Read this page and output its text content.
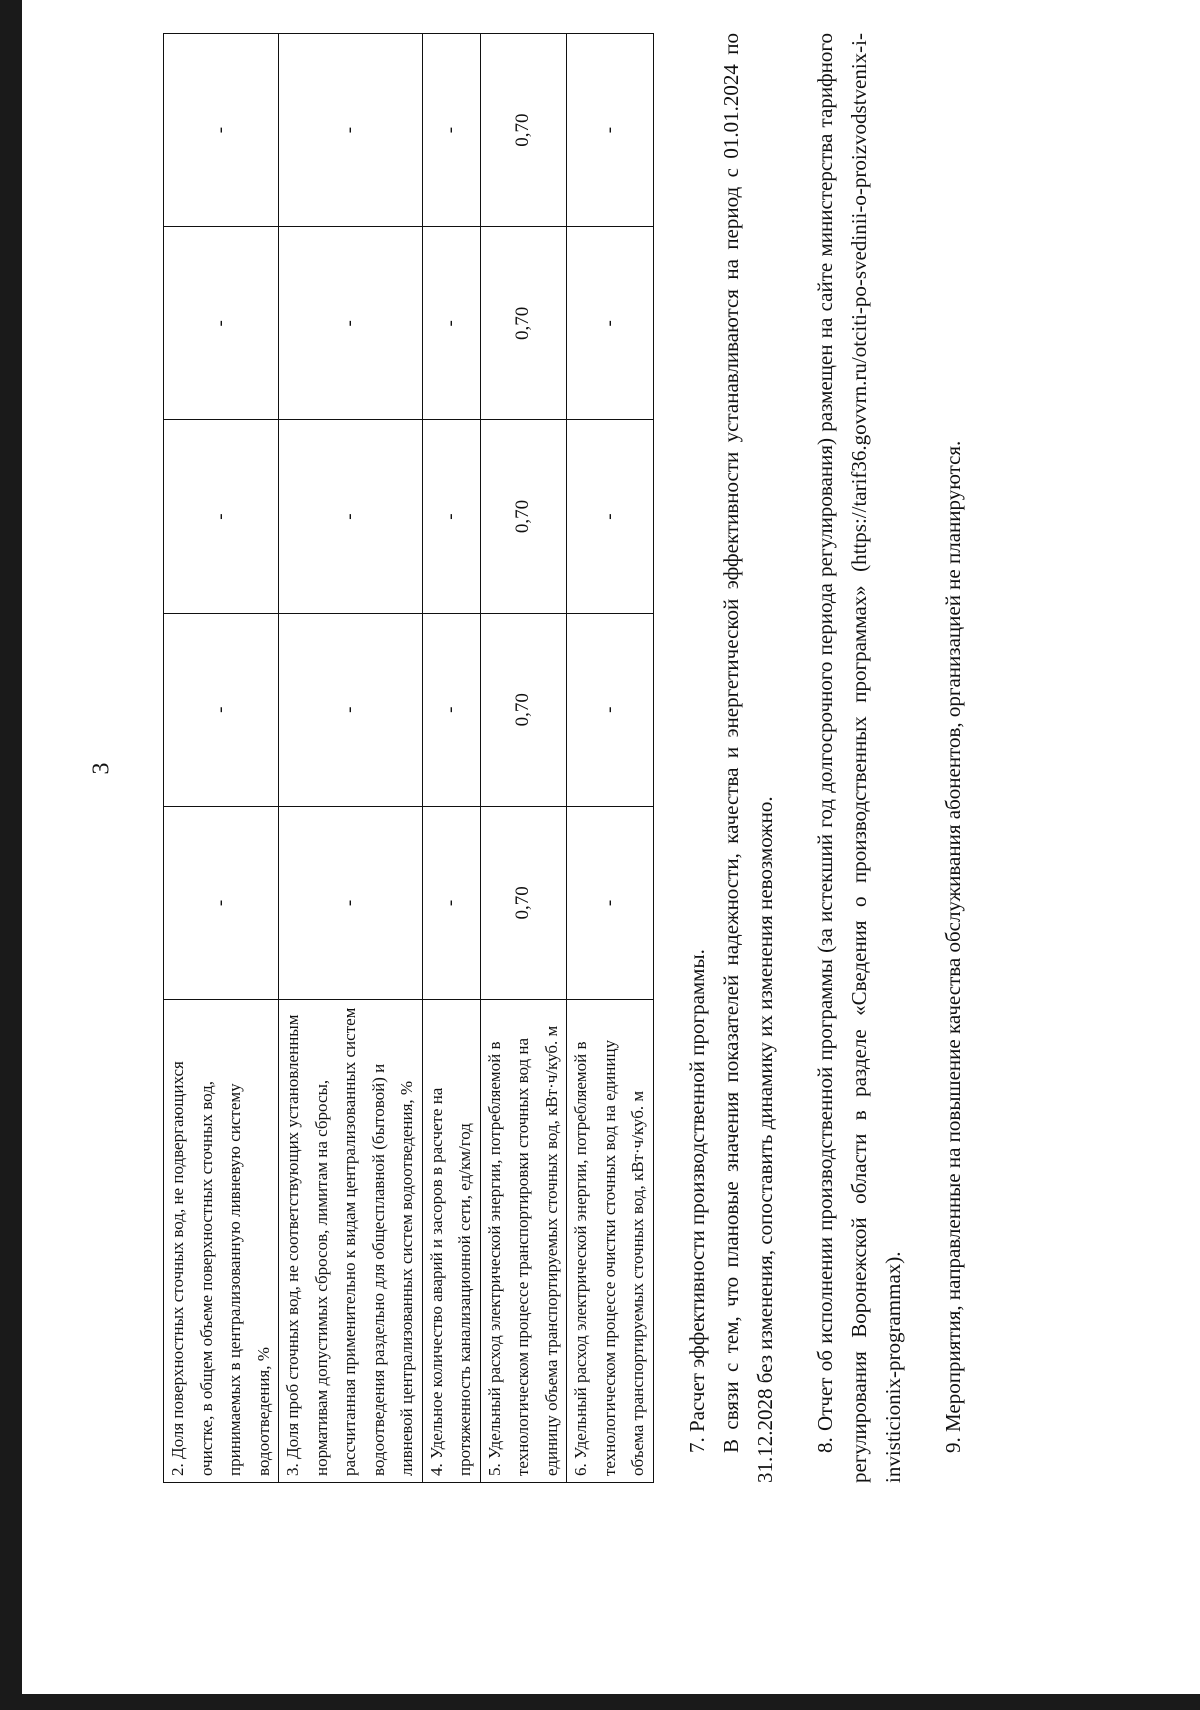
3
2. Доля поверхностных сточных вод, не подвергающихся очистке, в общем объеме поверхностных сточных вод, принимаемых в централизованную ливневую систему водоотведения, %	-	-	-	-	-
3. Доля проб сточных вод, не соответствующих установленным нормативам допустимых сбросов, лимитам на сбросы, рассчитанная применительно к видам централизованных систем водоотведения раздельно для общесплавной (бытовой) и ливневой централизованных систем водоотведения, %	-	-	-	-	-
4. Удельное количество аварий и засоров в расчете на протяженность канализационной сети, ед/км/год	-	-	-	-	-
5. Удельный расход электрической энергии, потребляемой в технологическом процессе транспортировки сточных вод на единицу объема транспортируемых сточных вод, кВт·ч/куб. м	0,70	0,70	0,70	0,70	0,70
6. Удельный расход электрической энергии, потребляемой в технологическом процессе очистки сточных вод на единицу объема транспортируемых сточных вод, кВт·ч/куб. м	-	-	-	-	-

7. Расчет эффективности производственной программы. В связи с тем, что плановые значения показателей надежности, качества и энергетической эффективности устанавливаются на период с 01.01.2024 по 31.12.2028 без изменения, сопоставить динамику их изменения невозможно. 8. Отчет об исполнении производственной программы (за истекший год долгосрочного периода регулирования) размещен на сайте министерства тарифного регулирования Воронежской области в разделе «Сведения о производственных программах» (https://tarif36.govvrn.ru/otciti-po-svedinii-o-proizvodstvenix-i-invisticionix-programmax). 9. Мероприятия, направленные на повышение качества обслуживания абонентов, организацией не планируются.
